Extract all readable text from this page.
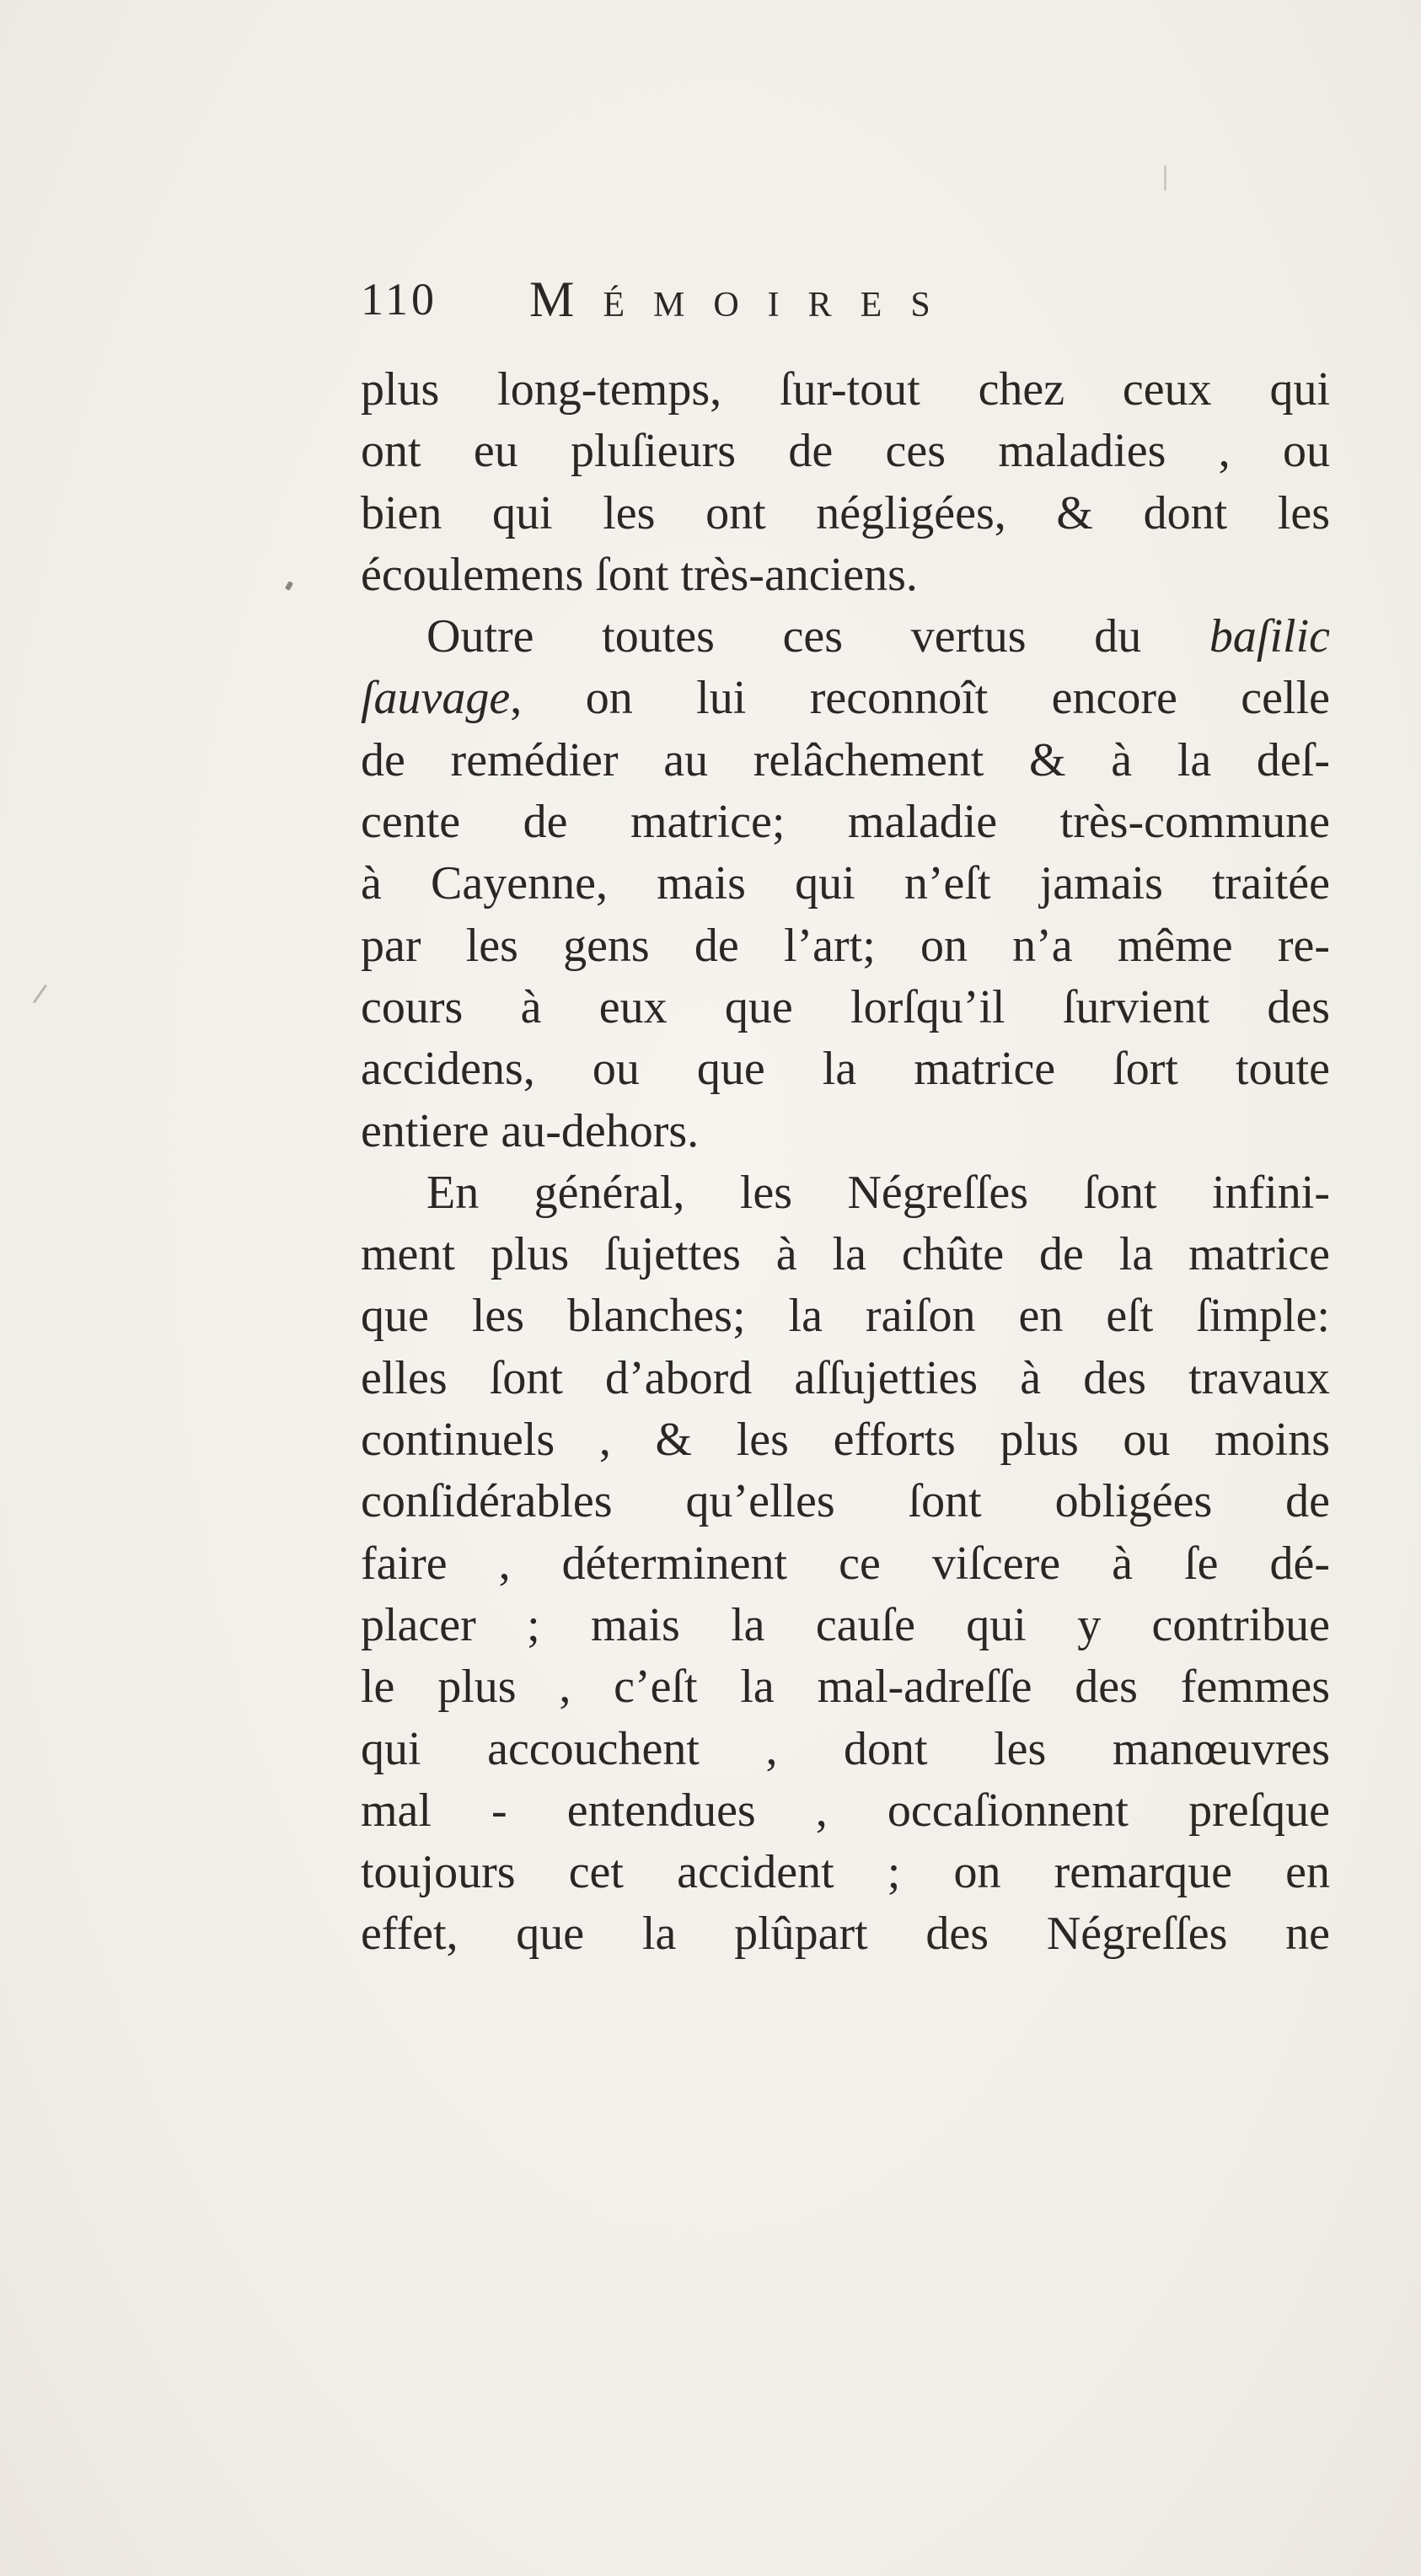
110 Mémoires
plus long-temps, ſur-tout chez ceux qui
ont eu pluſieurs de ces maladies , ou
bien qui les ont négligées, & dont les
écoulemens ſont très-anciens.
Outre toutes ces vertus du baſilic
ſauvage, on lui reconnoît encore celle
de remédier au relâchement & à la deſ-
cente de matrice; maladie très-commune
à Cayenne, mais qui n’eſt jamais traitée
par les gens de l’art; on n’a même re-
cours à eux que lorſqu’il ſurvient des
accidens, ou que la matrice ſort toute
entiere au-dehors.
En général, les Négreſſes ſont infini-
ment plus ſujettes à la chûte de la matrice
que les blanches; la raiſon en eſt ſimple:
elles ſont d’abord aſſujetties à des travaux
continuels , & les efforts plus ou moins
conſidérables qu’elles ſont obligées de
faire , déterminent ce viſcere à ſe dé-
placer ; mais la cauſe qui y contribue
le plus , c’eſt la mal-adreſſe des femmes
qui accouchent , dont les manœuvres
mal - entendues , occaſionnent preſque
toujours cet accident ; on remarque en
effet, que la plûpart des Négreſſes ne
